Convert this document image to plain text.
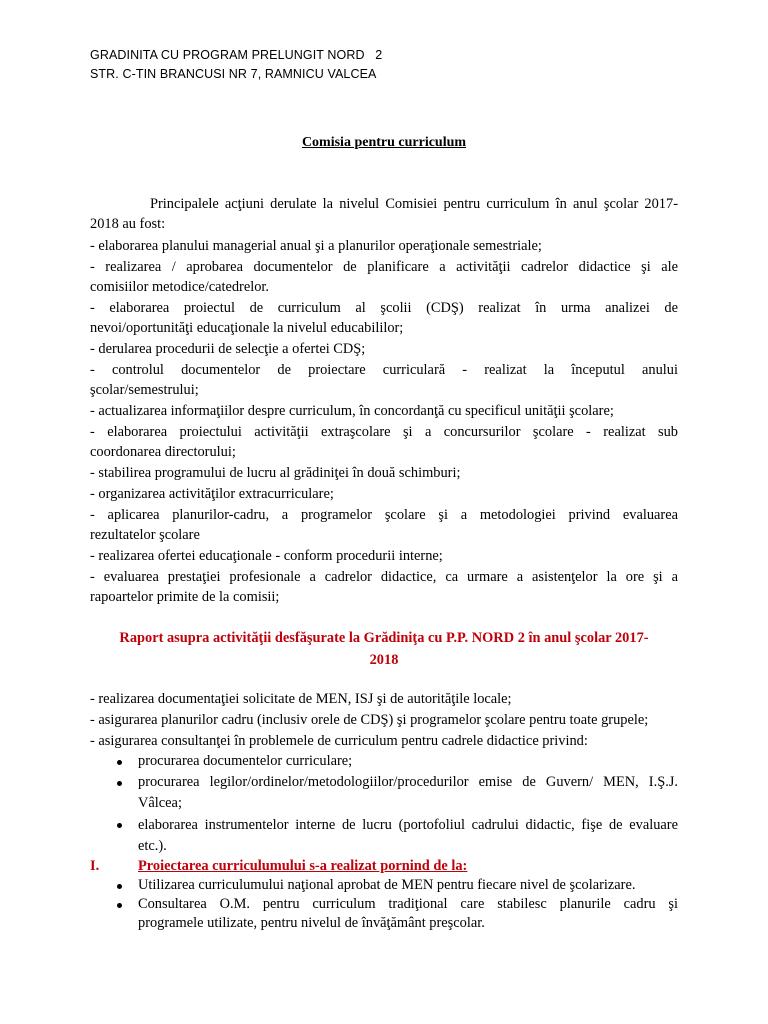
GRADINITA CU PROGRAM PRELUNGIT NORD   2
STR. C-TIN BRANCUSI NR 7, RAMNICU VALCEA
Comisia pentru curriculum
Principalele acţiuni derulate la nivelul Comisiei pentru curriculum în anul şcolar 2017-
2018 au fost:
- elaborarea planului managerial anual şi a planurilor operaţionale semestriale;
- realizarea / aprobarea documentelor de planificare a activităţii cadrelor didactice şi ale
comisiilor metodice/catedrelor.
- elaborarea proiectul de curriculum al şcolii (CDŞ) realizat în urma analizei de
nevoi/oportunităţi educaţionale la nivelul educabililor;
- derularea procedurii de selecţie a ofertei CDŞ;
- controlul documentelor de proiectare curriculară - realizat la începutul anului
şcolar/semestrului;
- actualizarea informaţiilor despre curriculum, în concordanţă cu specificul unităţii şcolare;
- elaborarea proiectului activităţii extraşcolare şi a concursurilor şcolare - realizat sub
coordonarea directorului;
- stabilirea programului de lucru al grădiniţei în două schimburi;
- organizarea activităţilor extracurriculare;
- aplicarea planurilor-cadru, a programelor şcolare şi a metodologiei privind evaluarea
rezultatelor şcolare
- realizarea ofertei educaţionale - conform procedurii interne;
- evaluarea prestaţiei profesionale a cadrelor didactice, ca urmare a asistenţelor la ore şi a
rapoartelor primite de la comisii;
Raport asupra activităţii desfăşurate la Grădiniţa cu P.P. NORD 2 în anul şcolar 2017-
2018
- realizarea documentaţiei solicitate de MEN, ISJ şi de autorităţile locale;
- asigurarea planurilor cadru (inclusiv orele de CDŞ) şi programelor şcolare pentru toate grupele;
- asigurarea consultanţei în problemele de curriculum pentru cadrele didactice privind:
procurarea documentelor curriculare;
procurarea legilor/ordinelor/metodologiilor/procedurilor emise de Guvern/ MEN, I.Ş.J.
Vâlcea;
elaborarea instrumentelor interne de lucru (portofoliul cadrului didactic, fişe de evaluare
etc.).
I.	Proiectarea curriculumului s-a realizat pornind de la:
Utilizarea curriculumului naţional aprobat de MEN pentru fiecare nivel de şcolarizare.
Consultarea O.M. pentru curriculum tradiţional care stabilesc planurile cadru şi
programele utilizate, pentru nivelul de învăţământ preşcolar.
